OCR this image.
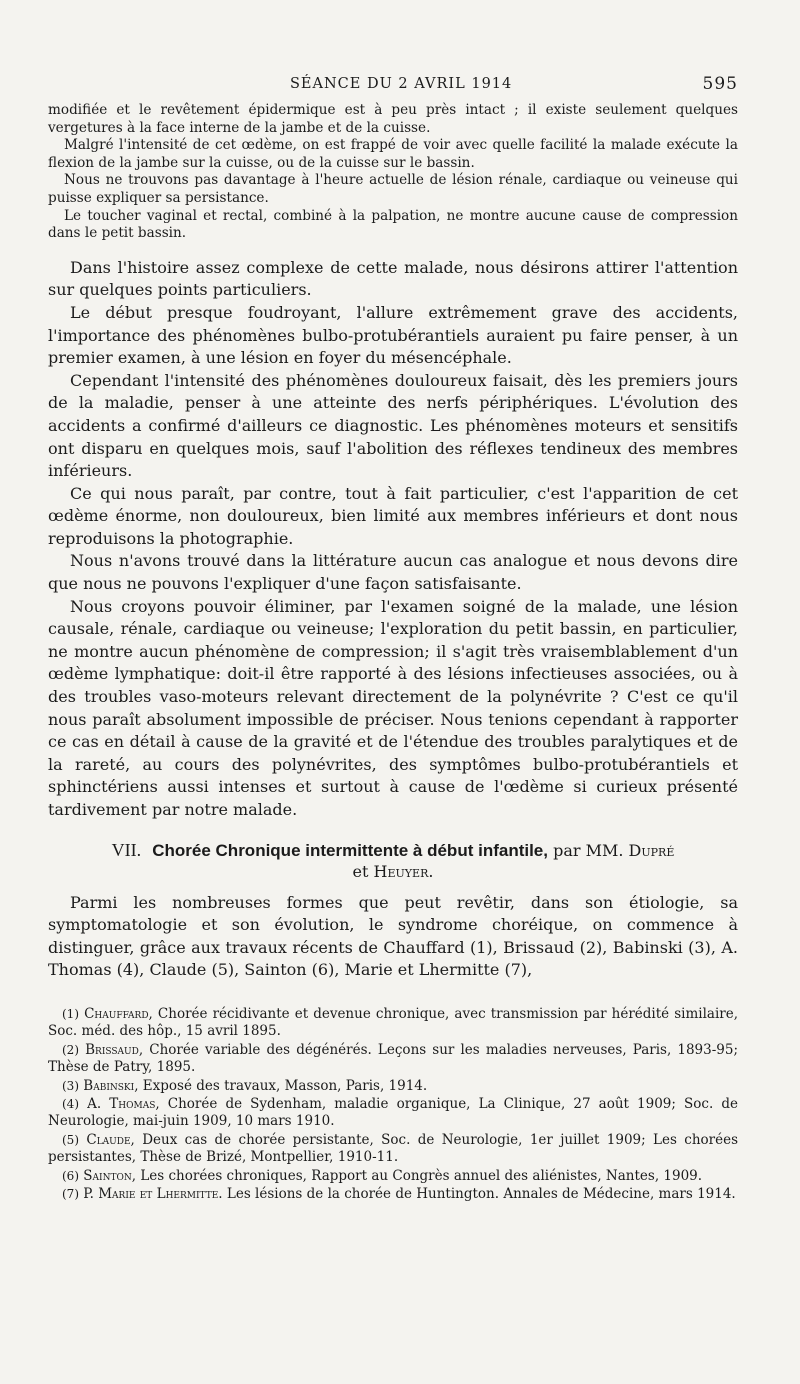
SÉANCE DU 2 AVRIL 1914	595

modifiée et le revêtement épidermique est à peu près intact ; il existe seulement quelques vergetures à la face interne de la jambe et de la cuisse.

Malgré l'intensité de cet œdème, on est frappé de voir avec quelle facilité la malade exécute la flexion de la jambe sur la cuisse, ou de la cuisse sur le bassin.

Nous ne trouvons pas davantage à l'heure actuelle de lésion rénale, cardiaque ou veineuse qui puisse expliquer sa persistance.

Le toucher vaginal et rectal, combiné à la palpation, ne montre aucune cause de compression dans le petit bassin.

Dans l'histoire assez complexe de cette malade, nous désirons attirer l'attention sur quelques points particuliers.

Le début presque foudroyant, l'allure extrêmement grave des accidents, l'importance des phénomènes bulbo-protubérantiels auraient pu faire penser, à un premier examen, à une lésion en foyer du mésencéphale.

Cependant l'intensité des phénomènes douloureux faisait, dès les premiers jours de la maladie, penser à une atteinte des nerfs périphériques. L'évolution des accidents a confirmé d'ailleurs ce diagnostic. Les phénomènes moteurs et sensitifs ont disparu en quelques mois, sauf l'abolition des réflexes tendineux des membres inférieurs.

Ce qui nous paraît, par contre, tout à fait particulier, c'est l'apparition de cet œdème énorme, non douloureux, bien limité aux membres inférieurs et dont nous reproduisons la photographie.

Nous n'avons trouvé dans la littérature aucun cas analogue et nous devons dire que nous ne pouvons l'expliquer d'une façon satisfaisante.

Nous croyons pouvoir éliminer, par l'examen soigné de la malade, une lésion causale, rénale, cardiaque ou veineuse; l'exploration du petit bassin, en particulier, ne montre aucun phénomène de compression; il s'agit très vraisemblablement d'un œdème lymphatique: doit-il être rapporté à des lésions infectieuses associées, ou à des troubles vaso-moteurs relevant directement de la polynévrite ? C'est ce qu'il nous paraît absolument impossible de préciser. Nous tenions cependant à rapporter ce cas en détail à cause de la gravité et de l'étendue des troubles paralytiques et de la rareté, au cours des polynévrites, des symptômes bulbo-protubérantiels et sphinctériens aussi intenses et surtout à cause de l'œdème si curieux présenté tardivement par notre malade.

VII. Chorée Chronique intermittente à début infantile, par MM. Dupré
et Heuyer.

Parmi les nombreuses formes que peut revêtir, dans son étiologie, sa symptomatologie et son évolution, le syndrome choréique, on commence à distinguer, grâce aux travaux récents de Chauffard (1), Brissaud (2), Babinski (3), A. Thomas (4), Claude (5), Sainton (6), Marie et Lhermitte (7),

(1) Chauffard, Chorée récidivante et devenue chronique, avec transmission par hérédité similaire, Soc. méd. des hôp., 15 avril 1895.

(2) Brissaud, Chorée variable des dégénérés. Leçons sur les maladies nerveuses, Paris, 1893-95; Thèse de Patry, 1895.

(3) Babinski, Exposé des travaux, Masson, Paris, 1914.

(4) A. Thomas, Chorée de Sydenham, maladie organique, La Clinique, 27 août 1909; Soc. de Neurologie, mai-juin 1909, 10 mars 1910.

(5) Claude, Deux cas de chorée persistante, Soc. de Neurologie, 1er juillet 1909; Les chorées persistantes, Thèse de Brizé, Montpellier, 1910-11.

(6) Sainton, Les chorées chroniques, Rapport au Congrès annuel des aliénistes, Nantes, 1909.

(7) P. Marie et Lhermitte. Les lésions de la chorée de Huntington. Annales de Médecine, mars 1914.
